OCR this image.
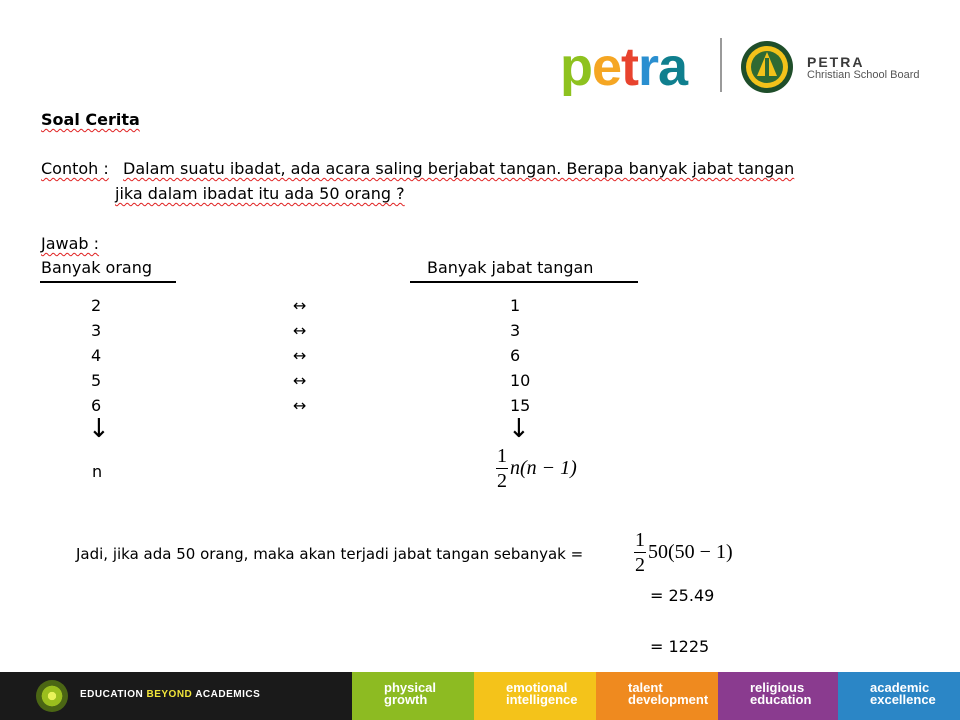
petra	PETRA
Christian School Board
Soal Cerita
Contoh : Dalam suatu ibadat, ada acara saling berjabat tangan. Berapa banyak jabat tangan
jika dalam ibadat itu ada 50 orang ?
Jawab :
Banyak orang	Banyak jabat tangan
2	↔	1
3	↔	3
4	↔	6
5	↔	10
6	↔	15
↓	↓
n	$\frac{1}{2} n(n - 1)$
Jadi, jika ada 50 orang, maka akan terjadi jabat tangan sebanyak =	$\frac{1}{2} 50(50 - 1)$
= 25.49
= 1225
EDUCATION BEYOND ACADEMICS	physical
growth
emotional
intelligence
talent
development
religious
education
academic
excellence
